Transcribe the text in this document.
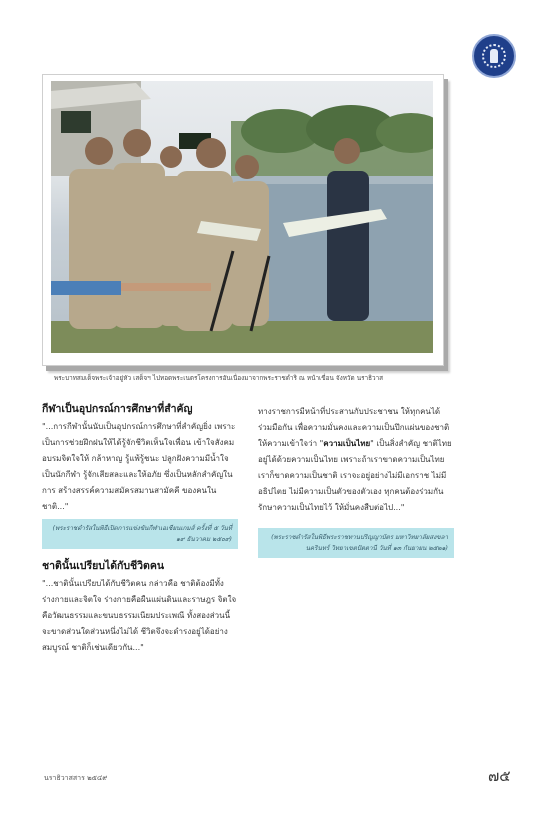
พระบาทสมเด็จพระเจ้าอยู่หัว เสด็จฯ ไปทอดพระเนตรโครงการอันเนื่องมาจากพระราชดำริ ณ หน้าเขื่อน จังหวัด นราธิวาส
กีฬาเป็นอุปกรณ์การศึกษาที่สำคัญ

"...การกีฬานั้นนับเป็นอุปกรณ์การศึกษาที่สำคัญยิ่ง เพราะเป็นการช่วยฝึกฝนให้ได้รู้จักชีวิตเห็นใจเพื่อน เข้าใจสังคม อบรมจิตใจให้ กล้าหาญ รู้แพ้รู้ชนะ ปลูกฝังความมีน้ำใจเป็นนักกีฬา รู้จักเสียสละและให้อภัย ซึ่งเป็นหลักสำคัญในการ สร้างสรรค์ความสมัครสมานสามัคคี ของคนในชาติ..."

(พระราชดำรัสในพิธีเปิดการแข่งขันกีฬาเอเชียนเกมส์ ครั้งที่ ๕ วันที่ ๑๙ ธันวาคม ๒๕๐๙)
ชาตินั้นเปรียบได้กับชีวิตคน

"...ชาตินั้นเปรียบได้กับชีวิตคน กล่าวคือ ชาติต้องมีทั้งร่างกายและจิตใจ ร่างกายคือผืนแผ่นดินและราษฎร จิตใจคือวัฒนธรรมและขนบธรรมเนียมประเพณี ทั้งสองส่วนนี้ จะขาดส่วนใดส่วนหนึ่งไม่ได้ ชีวิตจึงจะดำรงอยู่ได้อย่างสมบูรณ์ ชาติก็เช่นเดียวกัน..."

ทางราชการมีหน้าที่ประสานกับประชาชน ให้ทุกคนได้ร่วมมือกัน เพื่อความมั่นคงและความเป็นปึกแผ่นของชาติ ให้ความเข้าใจว่า "ความเป็นไทย" เป็นสิ่งสำคัญ ชาติไทยอยู่ได้ด้วยความเป็นไทย เพราะถ้าเราขาดความเป็นไทย เราก็ขาดความเป็นชาติ เราจะอยู่อย่างไม่มีเอกราช ไม่มีอธิปไตย ไม่มีความเป็นตัวของตัวเอง ทุกคนต้องร่วมกันรักษาความเป็นไทยไว้ ให้มั่นคงสืบต่อไป..."

(พระราชดำรัสในพิธีพระราชทานปริญญาบัตร มหาวิทยาลัยสงขลานครินทร์ วิทยาเขตปัตตานี วันที่ ๑๓ กันยายน ๒๕๒๑)
นราธิวาสสาร ๒๕๔๙	๗๕
